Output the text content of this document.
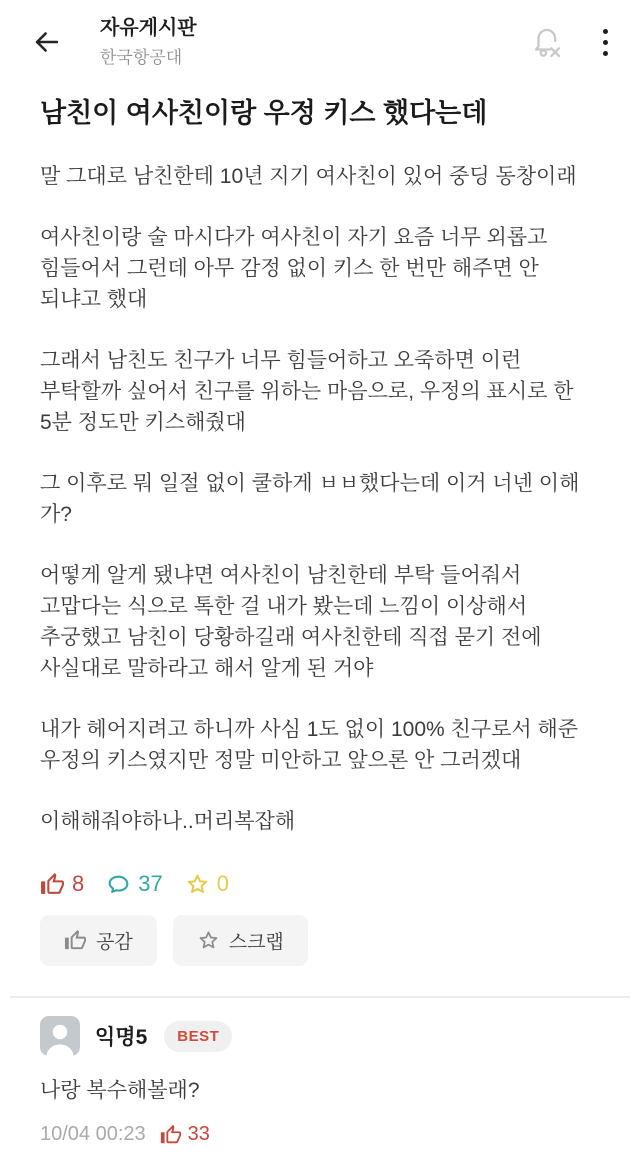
자유게시판
한국항공대
남친이 여사친이랑 우정 키스 했다는데

말 그대로 남친한테 10년 지기 여사친이 있어 중딩 동창이래

여사친이랑 술 마시다가 여사친이 자기 요즘 너무 외롭고 힘들어서 그런데 아무 감정 없이 키스 한 번만 해주면 안 되냐고 했대

그래서 남친도 친구가 너무 힘들어하고 오죽하면 이런 부탁할까 싶어서 친구를 위하는 마음으로, 우정의 표시로 한 5분 정도만 키스해줬대

그 이후로 뭐 일절 없이 쿨하게 ㅂㅂ했다는데 이거 너넨 이해 가?

어떻게 알게 됐냐면 여사친이 남친한테 부탁 들어줘서 고맙다는 식으로 톡한 걸 내가 봤는데 느낌이 이상해서 추궁했고 남친이 당황하길래 여사친한테 직접 묻기 전에 사실대로 말하라고 해서 알게 된 거야

내가 헤어지려고 하니까 사심 1도 없이 100% 친구로서 해준 우정의 키스였지만 정말 미안하고 앞으론 안 그러겠대

이해해줘야하나..머리복잡해

8 37 0
공감	스크랩
익명5	BEST
나랑 복수해볼래?
10/04 00:23 33
